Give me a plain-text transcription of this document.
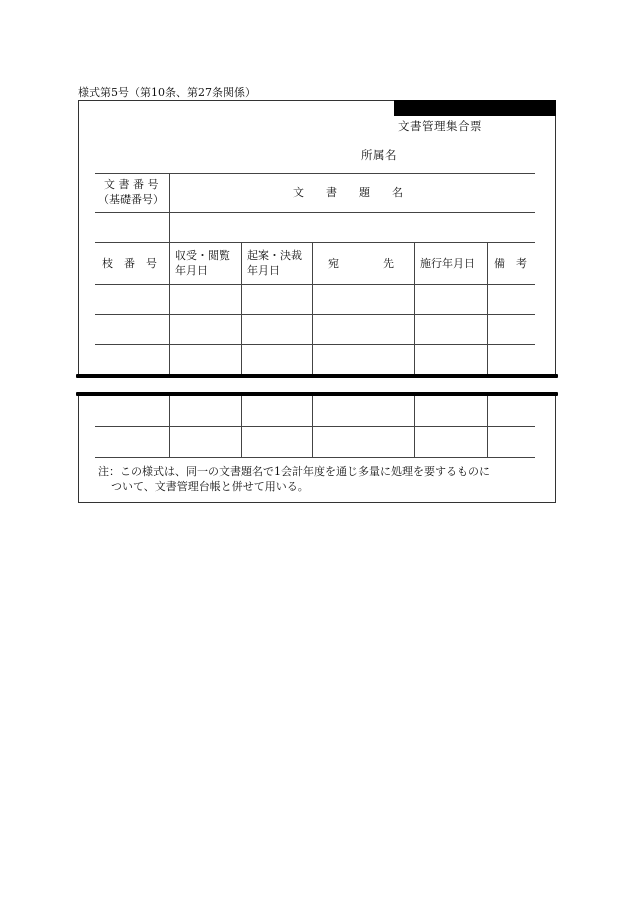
様式第5号（第10条、第27条関係）
文書管理集合票
所属名
文 書 番 号
（基礎番号）
文　　書　　題　　名
枝　番　号
収受・閲覧
年月日
起案・決裁
年月日
宛　　　　先 施行年月日 備　考
注：この様式は、同一の文書題名で1会計年度を通じ多量に処理を要するものに
ついて、文書管理台帳と併せて用いる。
